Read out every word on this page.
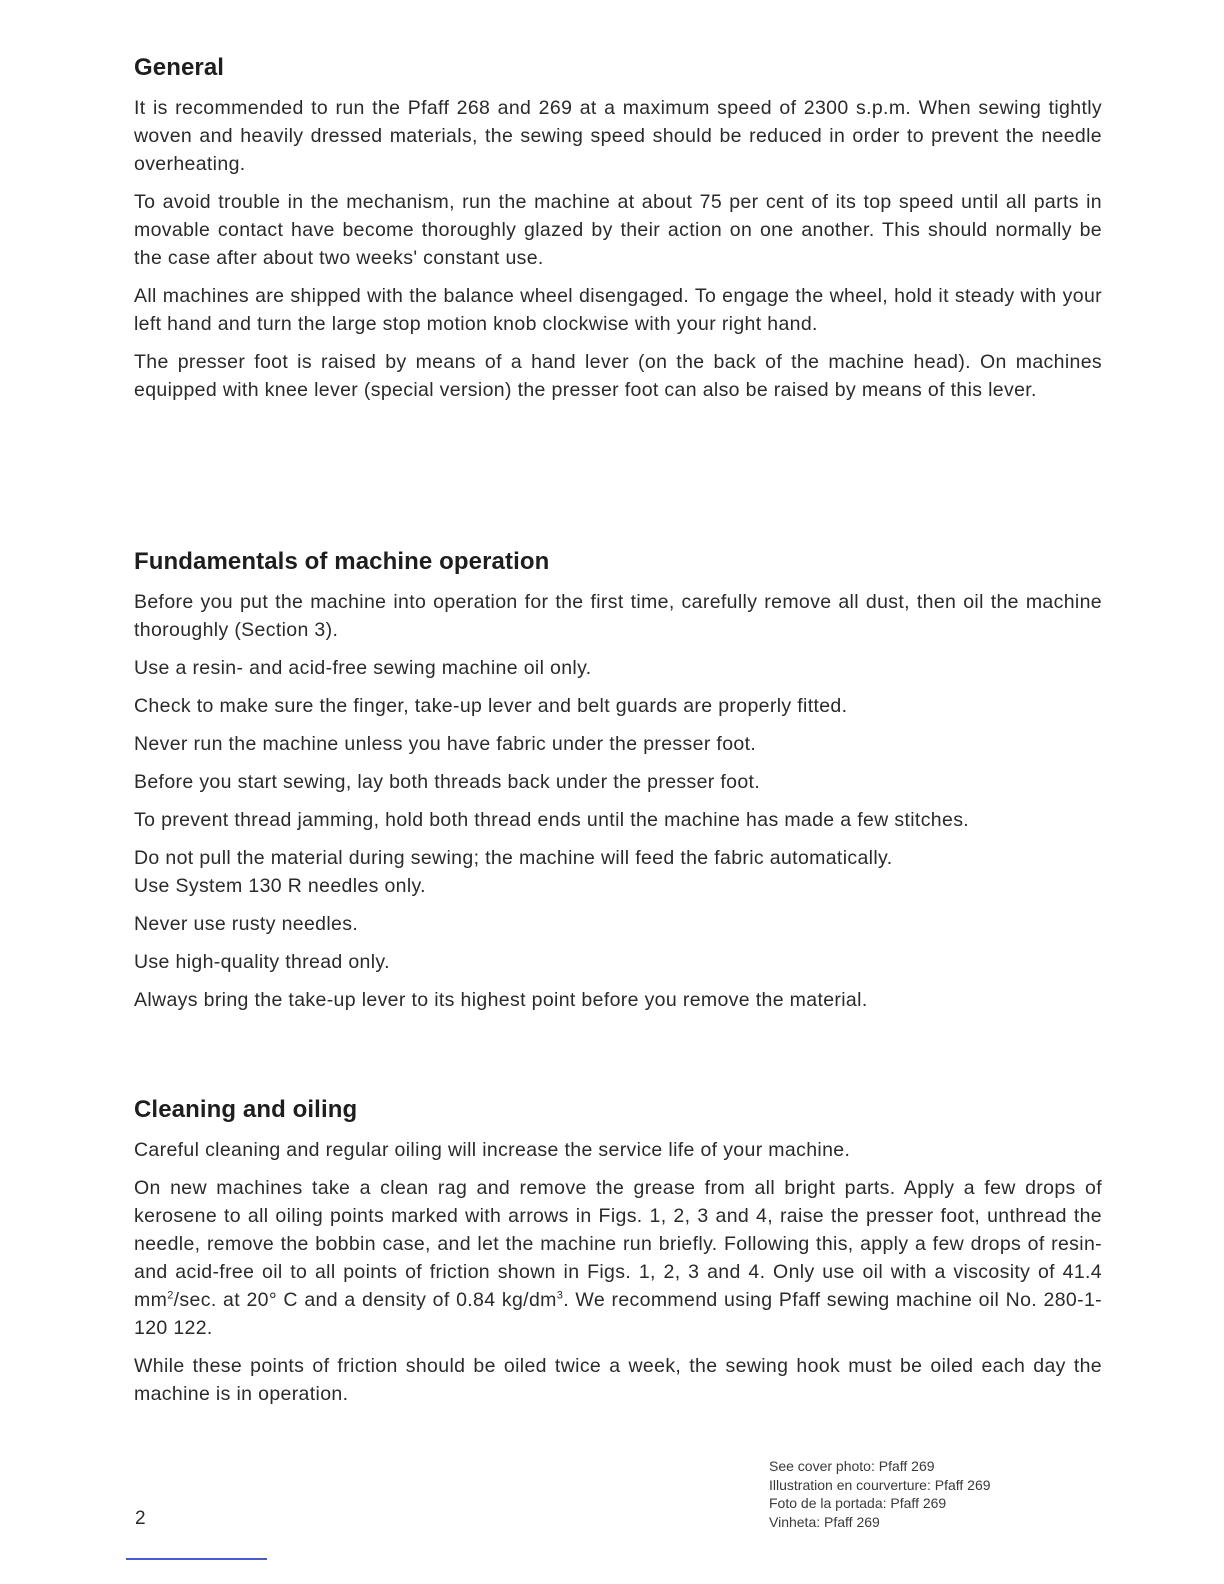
General

It is recommended to run the Pfaff 268 and 269 at a maximum speed of 2300 s.p.m. When sewing tightly woven and heavily dressed materials, the sewing speed should be reduced in order to prevent the needle overheating.

To avoid trouble in the mechanism, run the machine at about 75 per cent of its top speed until all parts in movable contact have become thoroughly glazed by their action on one another. This should normally be the case after about two weeks' constant use.

All machines are shipped with the balance wheel disengaged. To engage the wheel, hold it steady with your left hand and turn the large stop motion knob clockwise with your right hand.

The presser foot is raised by means of a hand lever (on the back of the machine head). On machines equipped with knee lever (special version) the presser foot can also be raised by means of this lever.

Fundamentals of machine operation

Before you put the machine into operation for the first time, carefully remove all dust, then oil the machine thoroughly (Section 3).

Use a resin- and acid-free sewing machine oil only.

Check to make sure the finger, take-up lever and belt guards are properly fitted.

Never run the machine unless you have fabric under the presser foot.

Before you start sewing, lay both threads back under the presser foot.

To prevent thread jamming, hold both thread ends until the machine has made a few stitches.

Do not pull the material during sewing; the machine will feed the fabric automatically.

Use System 130 R needles only.

Never use rusty needles.

Use high-quality thread only.

Always bring the take-up lever to its highest point before you remove the material.

Cleaning and oiling

Careful cleaning and regular oiling will increase the service life of your machine.

On new machines take a clean rag and remove the grease from all bright parts. Apply a few drops of kerosene to all oiling points marked with arrows in Figs. 1, 2, 3 and 4, raise the presser foot, unthread the needle, remove the bobbin case, and let the machine run briefly. Following this, apply a few drops of resin- and acid-free oil to all points of friction shown in Figs. 1, 2, 3 and 4. Only use oil with a viscosity of 41.4 $mm^2/\sec$. at 20° C and a density of 0.84 $kg/dm^3$. We recommend using Pfaff sewing machine oil No. 280-1-120 122.

While these points of friction should be oiled twice a week, the sewing hook must be oiled each day the machine is in operation.

See cover photo: Pfaff 269
Illustration en courverture: Pfaff 269
Foto de la portada: Pfaff 269
Vinheta: Pfaff 269
2
